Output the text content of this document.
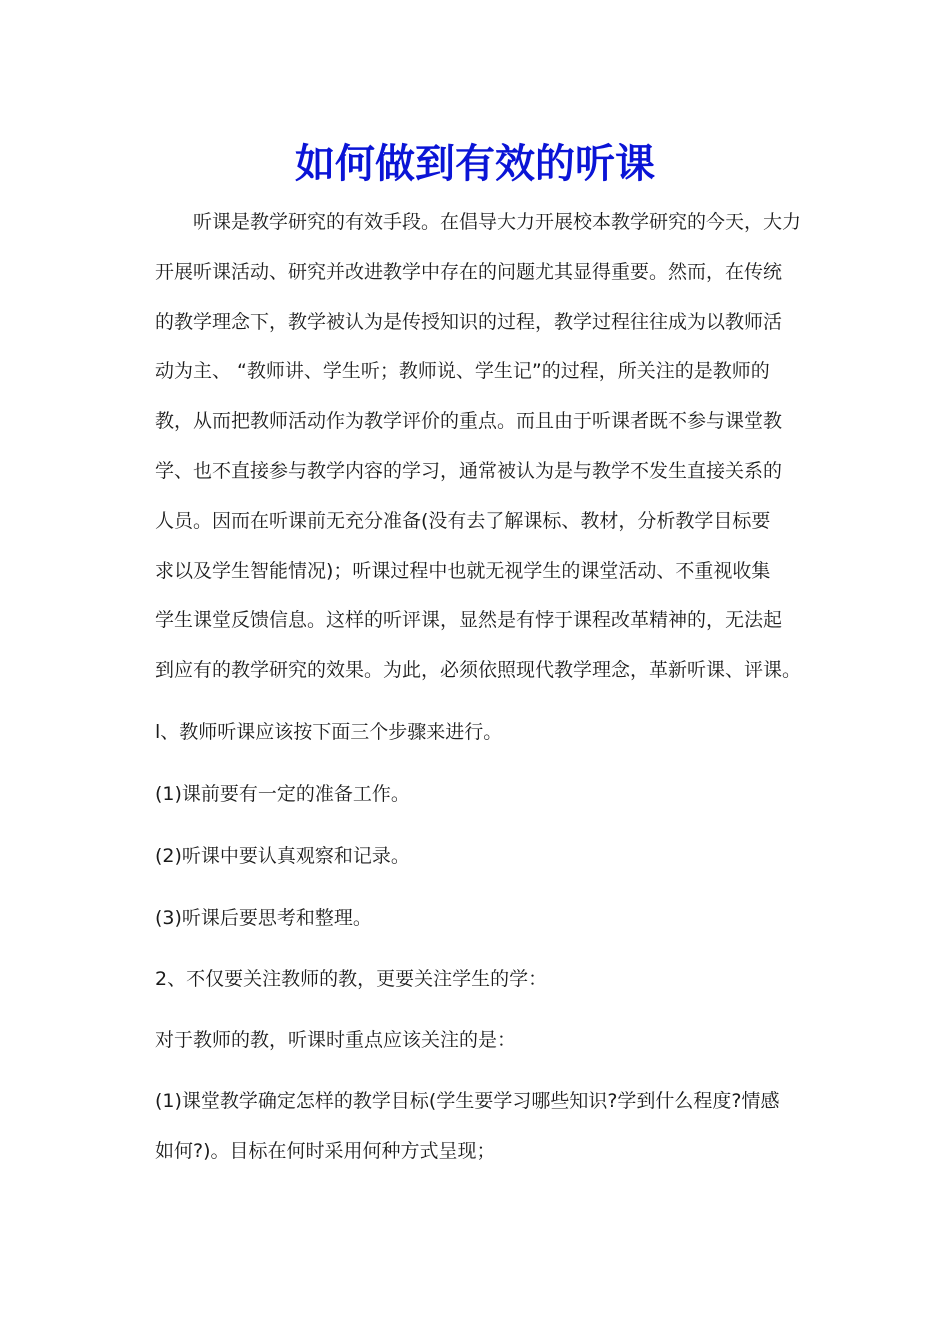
如何做到有效的听课
　　听课是教学研究的有效手段。在倡导大力开展校本教学研究的今天，大力
开展听课活动、研究并改进教学中存在的问题尤其显得重要。然而，在传统
的教学理念下，教学被认为是传授知识的过程，教学过程往往成为以教师活
动为主、 “教师讲、学生听；教师说、学生记”的过程，所关注的是教师的
教，从而把教师活动作为教学评价的重点。而且由于听课者既不参与课堂教
学、也不直接参与教学内容的学习，通常被认为是与教学不发生直接关系的
人员。因而在听课前无充分准备(没有去了解课标、教材，分析教学目标要
求以及学生智能情况)；听课过程中也就无视学生的课堂活动、不重视收集
学生课堂反馈信息。这样的听评课，显然是有悖于课程改革精神的，无法起
到应有的教学研究的效果。为此，必须依照现代教学理念，革新听课、评课。

l、教师听课应该按下面三个步骤来进行。

(1)课前要有一定的准备工作。

(2)听课中要认真观察和记录。

(3)听课后要思考和整理。

2、不仅要关注教师的教，更要关注学生的学：

对于教师的教，听课时重点应该关注的是：

(1)课堂教学确定怎样的教学目标(学生要学习哪些知识?学到什么程度?情感

如何?)。目标在何时采用何种方式呈现；
